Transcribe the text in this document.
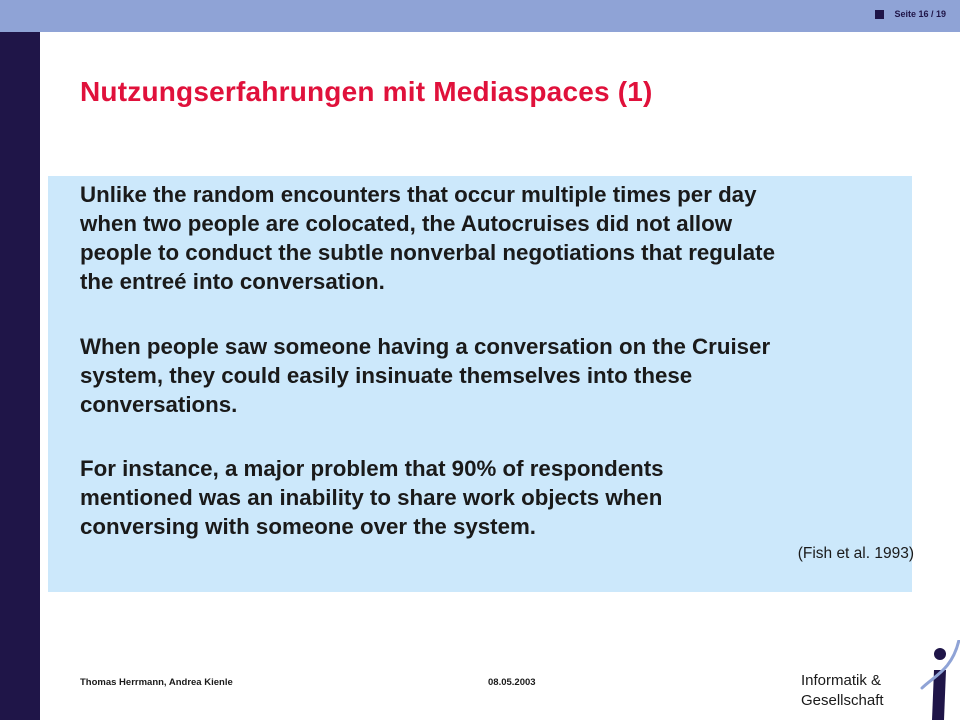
Seite 16 / 19
Nutzungserfahrungen mit Mediaspaces (1)
Unlike the random encounters that occur multiple times per day
when two people are colocated, the Autocruises did not allow
people to conduct the subtle nonverbal negotiations that regulate
the entreé into conversation.
When people saw someone having a conversation on the Cruiser
system, they could easily insinuate themselves into these
conversations.
For instance, a major problem that 90% of respondents
mentioned was an inability to share work objects when
conversing with someone over the system.
(Fish et al. 1993)
Thomas Herrmann, Andrea Kienle	08.05.2003	Informatik &
Gesellschaft
